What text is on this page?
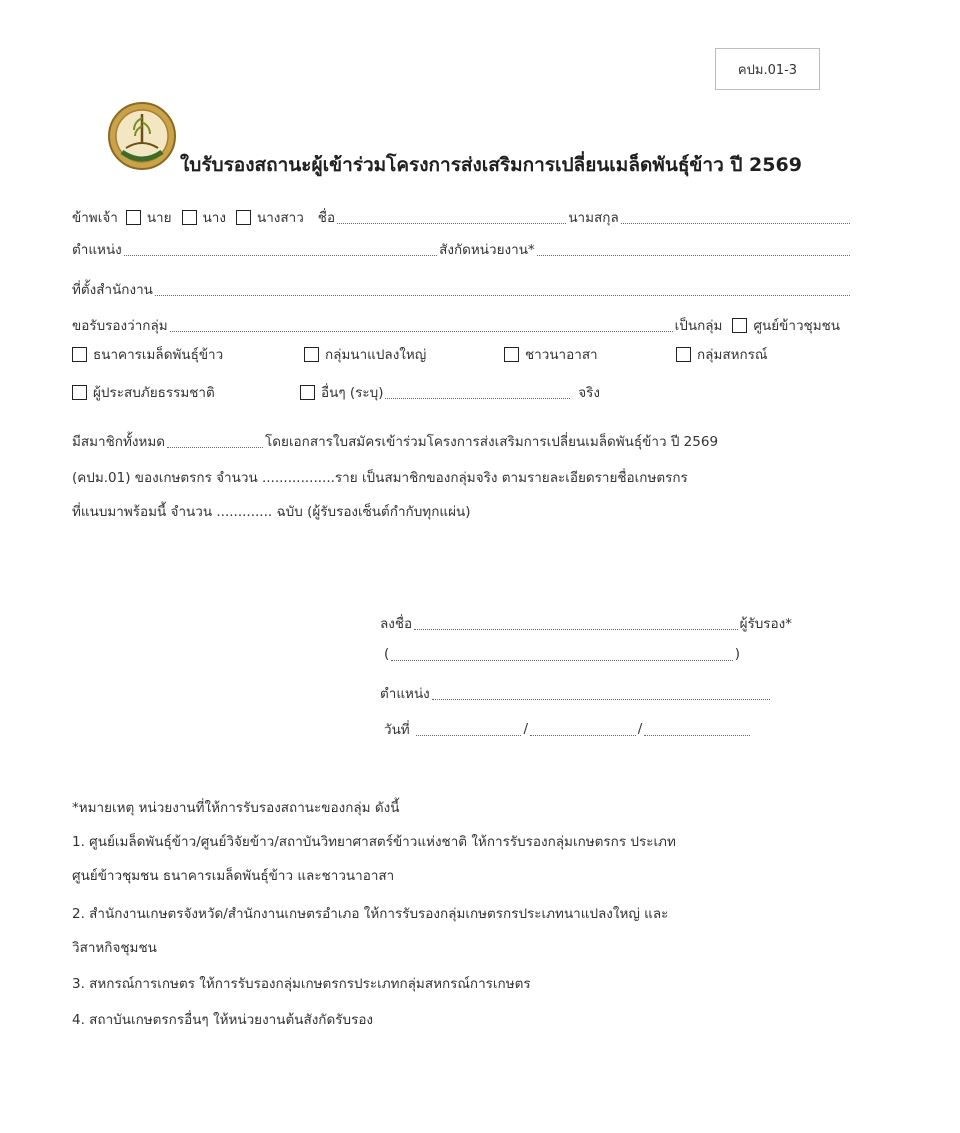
คปม.01-3
ใบรับรองสถานะผู้เข้าร่วมโครงการส่งเสริมการเปลี่ยนเมล็ดพันธุ์ข้าว ปี 2569
ข้าพเจ้า นาย นาง นางสาว ชื่อ	นามสกุล
ตำแหน่ง	สังกัดหน่วยงาน*
ที่ตั้งสำนักงาน
ขอรับรองว่ากลุ่ม	เป็นกลุ่ม ศูนย์ข้าวชุมชน
ธนาคารเมล็ดพันธุ์ข้าว	กลุ่มนาแปลงใหญ่	ชาวนาอาสา	กลุ่มสหกรณ์
ผู้ประสบภัยธรรมชาติ	อื่นๆ (ระบุ)	จริง
มีสมาชิกทั้งหมด	โดยเอกสารใบสมัครเข้าร่วมโครงการส่งเสริมการเปลี่ยนเมล็ดพันธุ์ข้าว ปี 2569
(คปม.01) ของเกษตรกร จำนวน .................ราย เป็นสมาชิกของกลุ่มจริง ตามรายละเอียดรายชื่อเกษตรกร
ที่แนบมาพร้อมนี้ จำนวน ............. ฉบับ (ผู้รับรองเซ็นต์กำกับทุกแผ่น)
ลงชื่อ	ผู้รับรอง*
(	)
ตำแหน่ง
วันที่	/	/
*หมายเหตุ หน่วยงานที่ให้การรับรองสถานะของกลุ่ม ดังนี้
1. ศูนย์เมล็ดพันธุ์ข้าว/ศูนย์วิจัยข้าว/สถาบันวิทยาศาสตร์ข้าวแห่งชาติ ให้การรับรองกลุ่มเกษตรกร ประเภท
ศูนย์ข้าวชุมชน ธนาคารเมล็ดพันธุ์ข้าว และชาวนาอาสา
2. สำนักงานเกษตรจังหวัด/สำนักงานเกษตรอำเภอ ให้การรับรองกลุ่มเกษตรกรประเภทนาแปลงใหญ่ และ
วิสาหกิจชุมชน
3. สหกรณ์การเกษตร ให้การรับรองกลุ่มเกษตรกรประเภทกลุ่มสหกรณ์การเกษตร
4. สถาบันเกษตรกรอื่นๆ ให้หน่วยงานต้นสังกัดรับรอง
